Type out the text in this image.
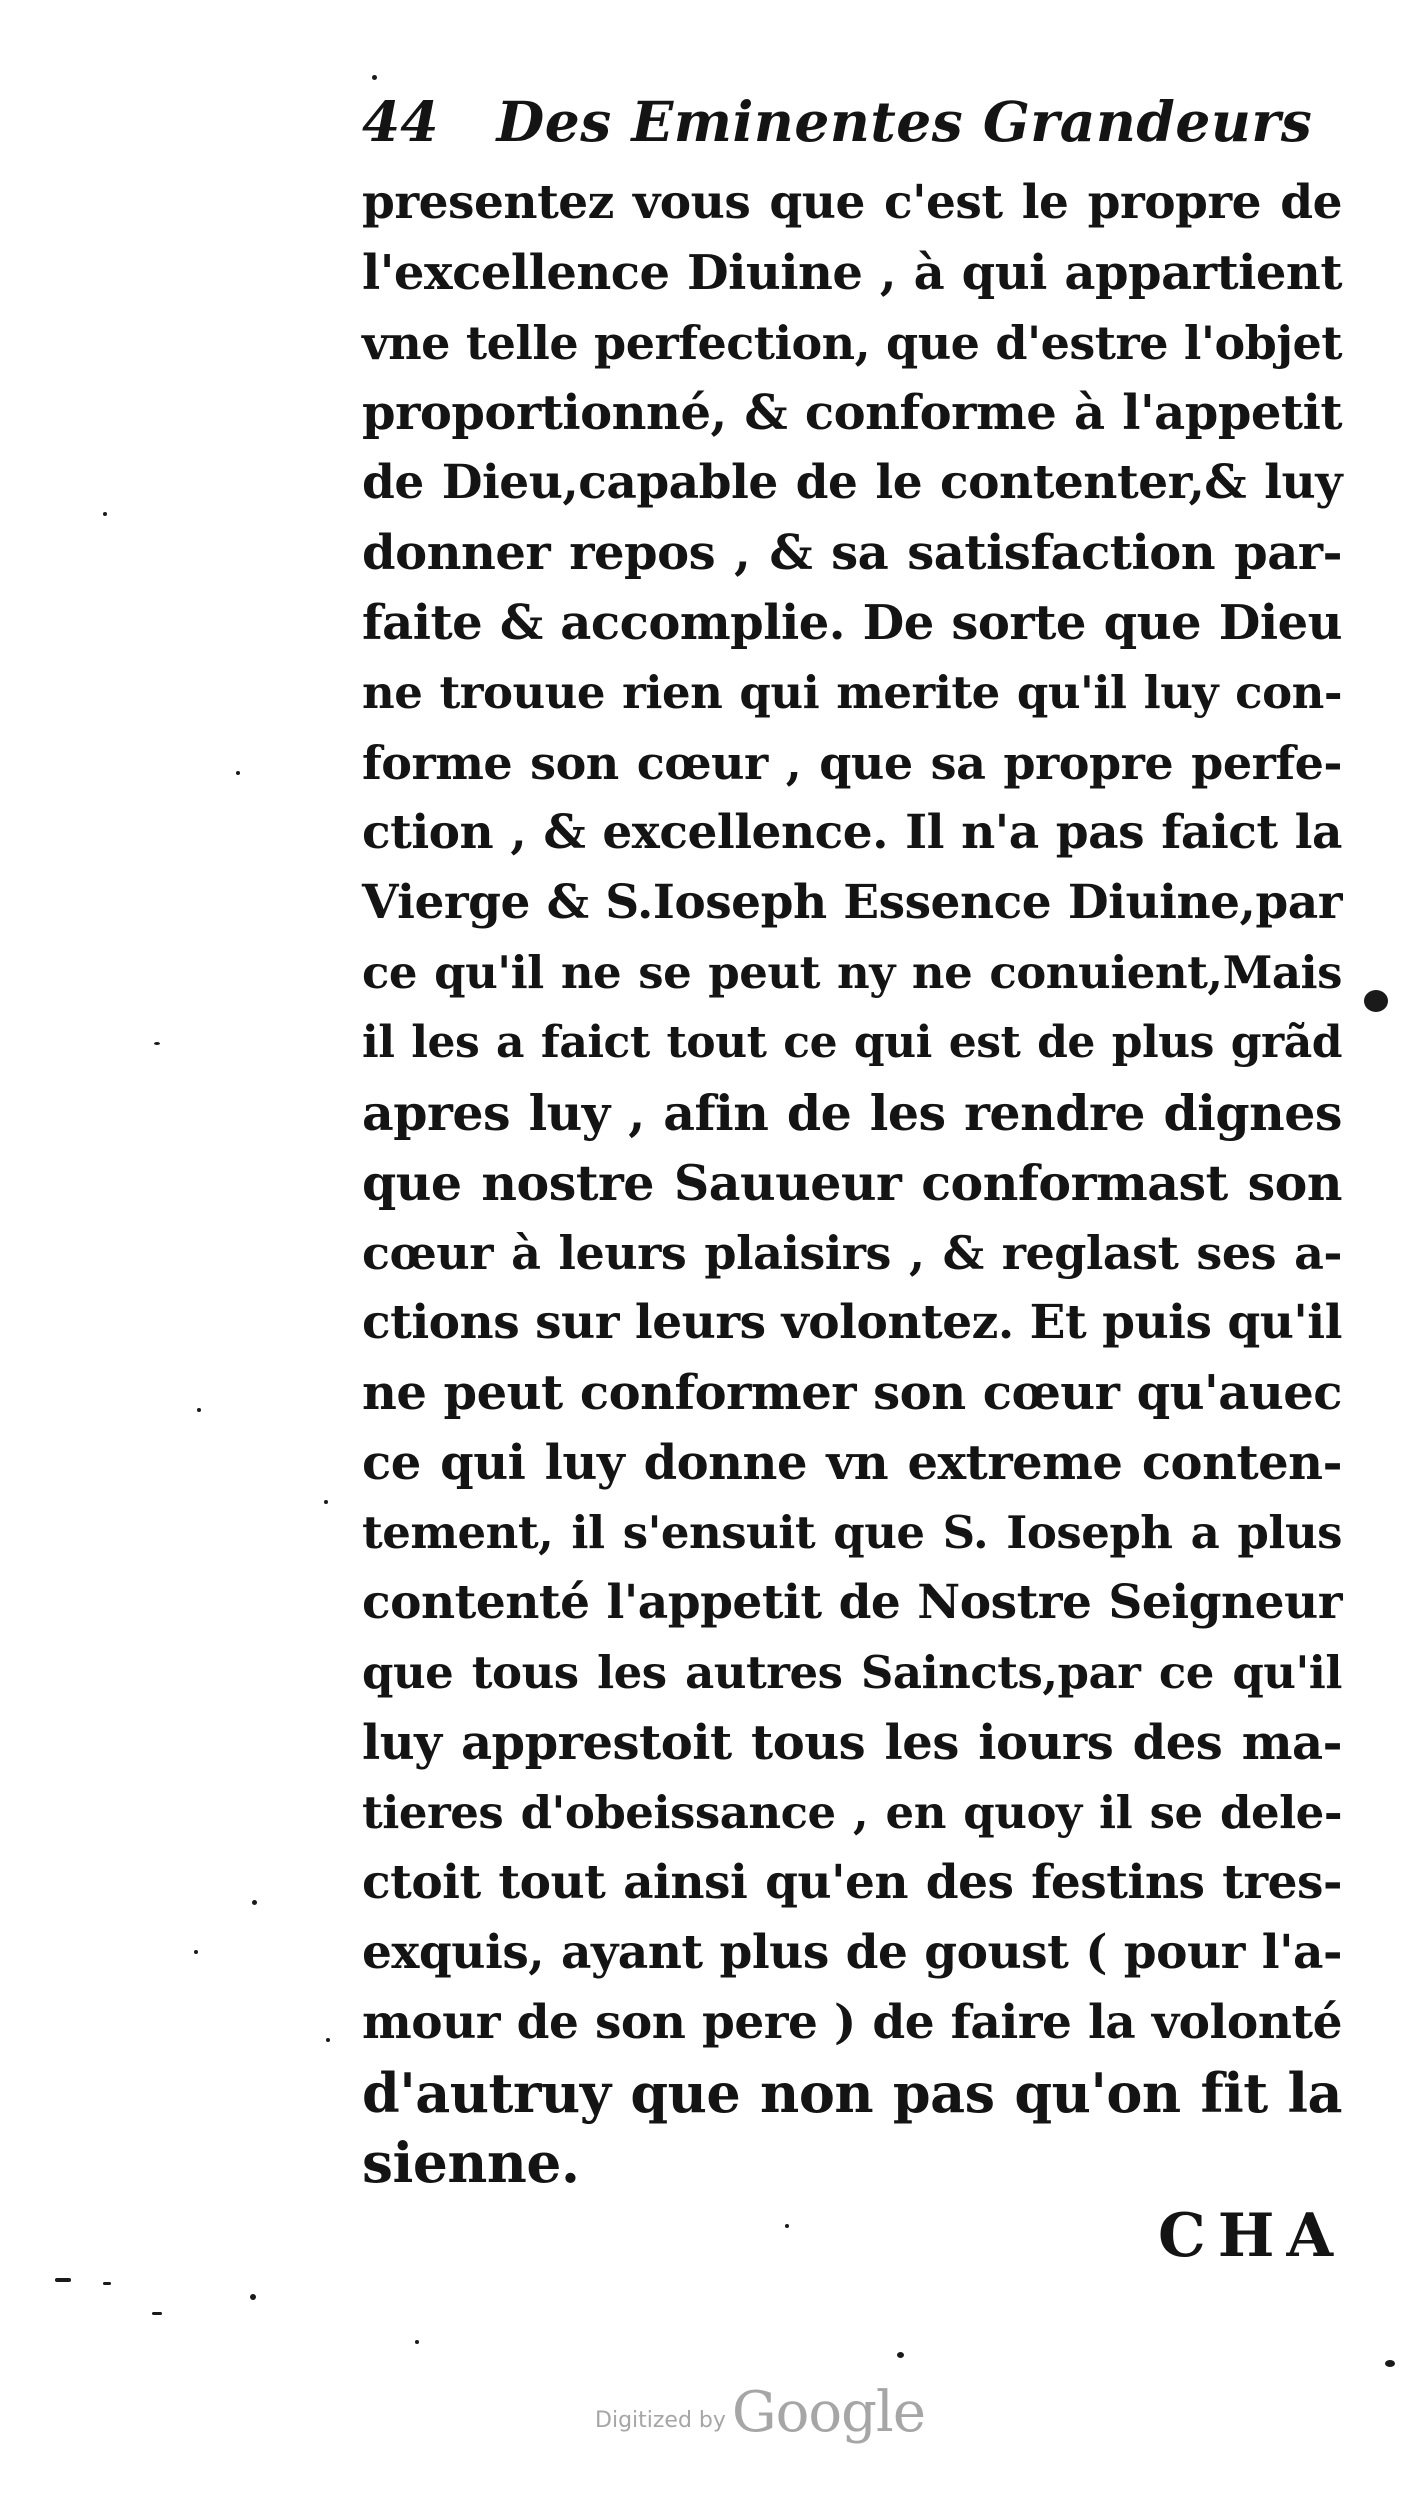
44 Des Eminentes Grandeurs
presentez vous que c'est le propre de
l'excellence Diuine , à qui appartient
vne telle perfection, que d'estre l'objet
proportionné, & conforme à l'appetit
de Dieu,capable de le contenter,& luy
donner repos , & sa satisfaction par-
faite & accomplie. De sorte que Dieu
ne trouue rien qui merite qu'il luy con-
forme son cœur , que sa propre perfe-
ction , & excellence. Il n'a pas faict la
Vierge & S.Ioseph Essence Diuine,par
ce qu'il ne se peut ny ne conuient,Mais
il les a faict tout ce qui est de plus grãd
apres luy , afin de les rendre dignes
que nostre Sauueur conformast son
cœur à leurs plaisirs , & reglast ses a-
ctions sur leurs volontez. Et puis qu'il
ne peut conformer son cœur qu'auec
ce qui luy donne vn extreme conten-
tement, il s'ensuit que S. Ioseph a plus
contenté l'appetit de Nostre Seigneur
que tous les autres Saincts,par ce qu'il
luy apprestoit tous les iours des ma-
tieres d'obeissance , en quoy il se dele-
ctoit tout ainsi qu'en des festins tres-
exquis, ayant plus de goust ( pour l'a-
mour de son pere ) de faire la volonté
d'autruy que non pas qu'on fit la
sienne.
CHA
Digitized by Google
